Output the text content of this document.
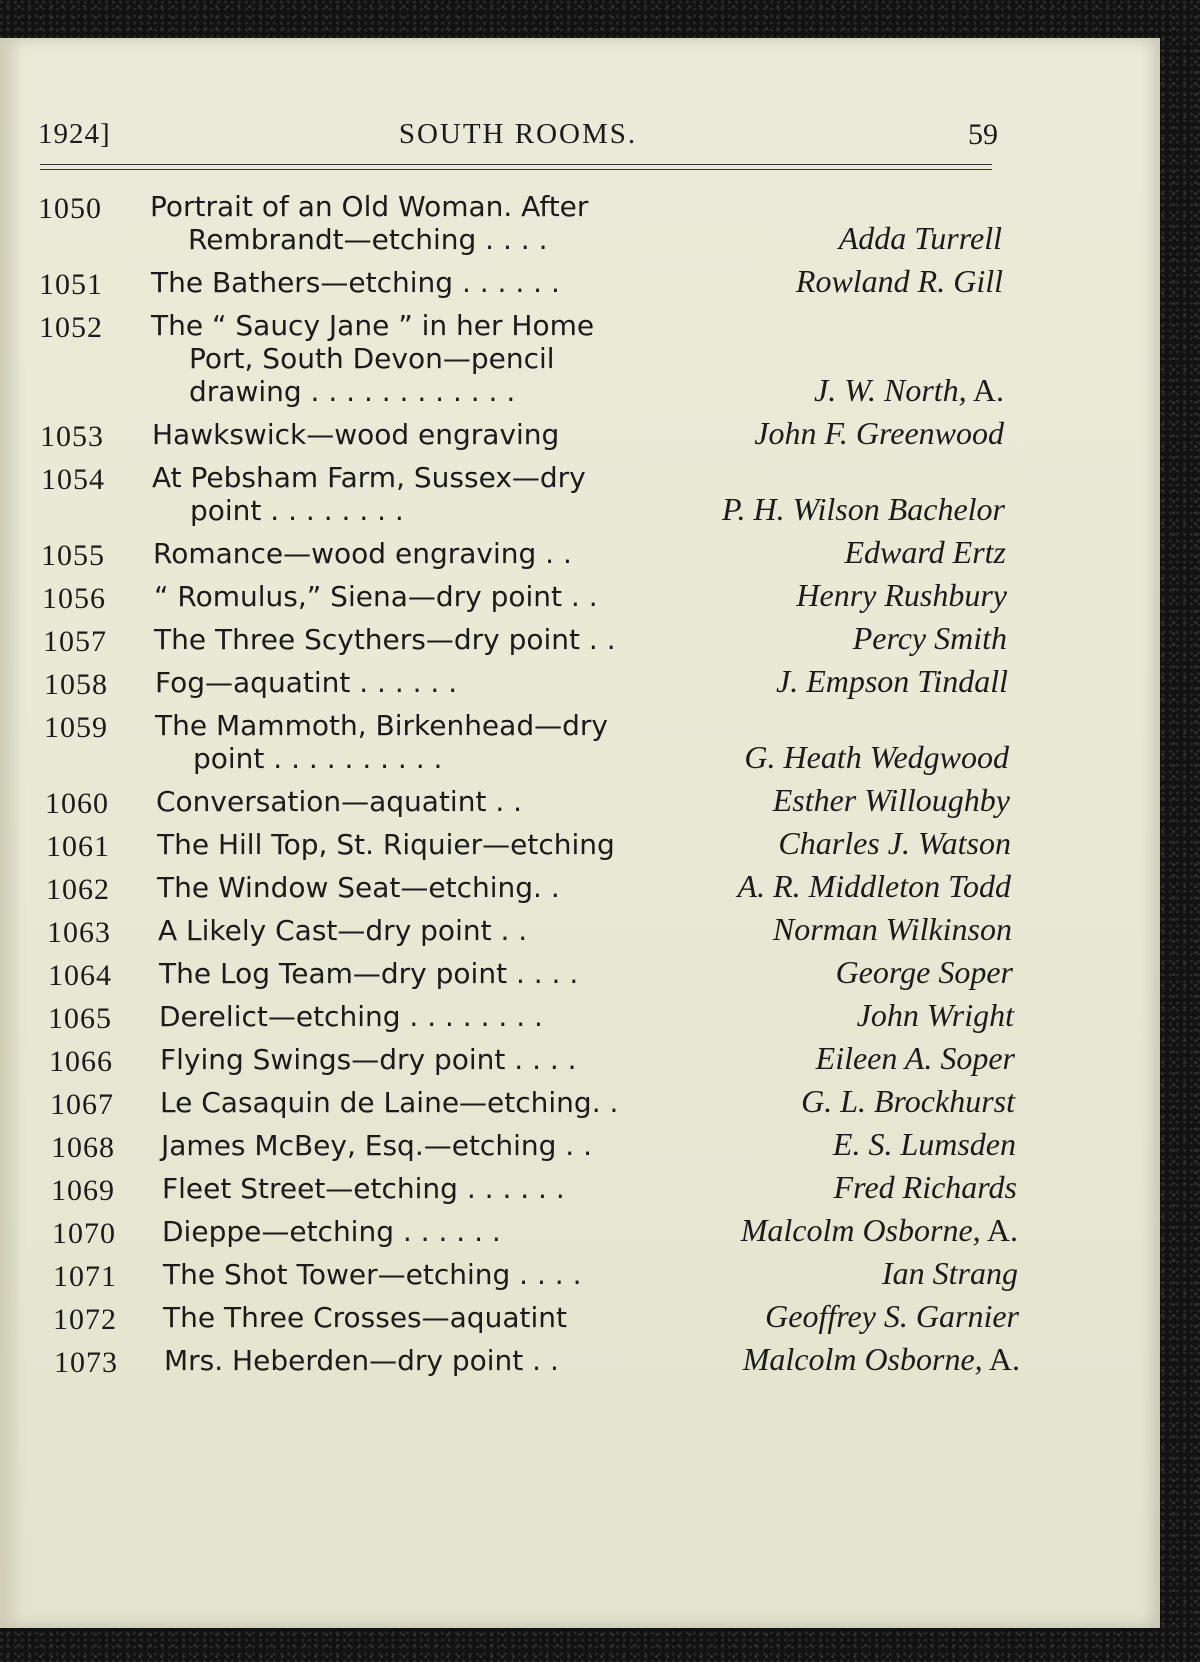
1924]	SOUTH ROOMS.	59
1050 Portrait of an Old Woman. After
Rembrandt—etching . . . .	Adda Turrell
1051 The Bathers—etching . . . . . .	Rowland R. Gill
1052 The “ Saucy Jane ” in her Home
Port, South Devon—pencil
drawing . . . . . . . . . . . .	J. W. North, A.
1053 Hawkswick—wood engraving	John F. Greenwood
1054 At Pebsham Farm, Sussex—dry
point . . . . . . . .	P. H. Wilson Bachelor
1055 Romance—wood engraving . .	Edward Ertz
1056 “ Romulus,” Siena—dry point . .	Henry Rushbury
1057 The Three Scythers—dry point . .	Percy Smith
1058 Fog—aquatint . . . . . .	J. Empson Tindall
1059 The Mammoth, Birkenhead—dry
point . . . . . . . . . .	G. Heath Wedgwood
1060 Conversation—aquatint . .	Esther Willoughby
1061 The Hill Top, St. Riquier—etching	Charles J. Watson
1062 The Window Seat—etching. .	A. R. Middleton Todd
1063 A Likely Cast—dry point . .	Norman Wilkinson
1064 The Log Team—dry point . . . .	George Soper
1065 Derelict—etching . . . . . . . .	John Wright
1066 Flying Swings—dry point . . . .	Eileen A. Soper
1067 Le Casaquin de Laine—etching. .	G. L. Brockhurst
1068 James McBey, Esq.—etching . .	E. S. Lumsden
1069 Fleet Street—etching . . . . . .	Fred Richards
1070 Dieppe—etching . . . . . .	Malcolm Osborne, A.
1071 The Shot Tower—etching . . . .	Ian Strang
1072 The Three Crosses—aquatint	Geoffrey S. Garnier
1073 Mrs. Heberden—dry point . .	Malcolm Osborne, A.
